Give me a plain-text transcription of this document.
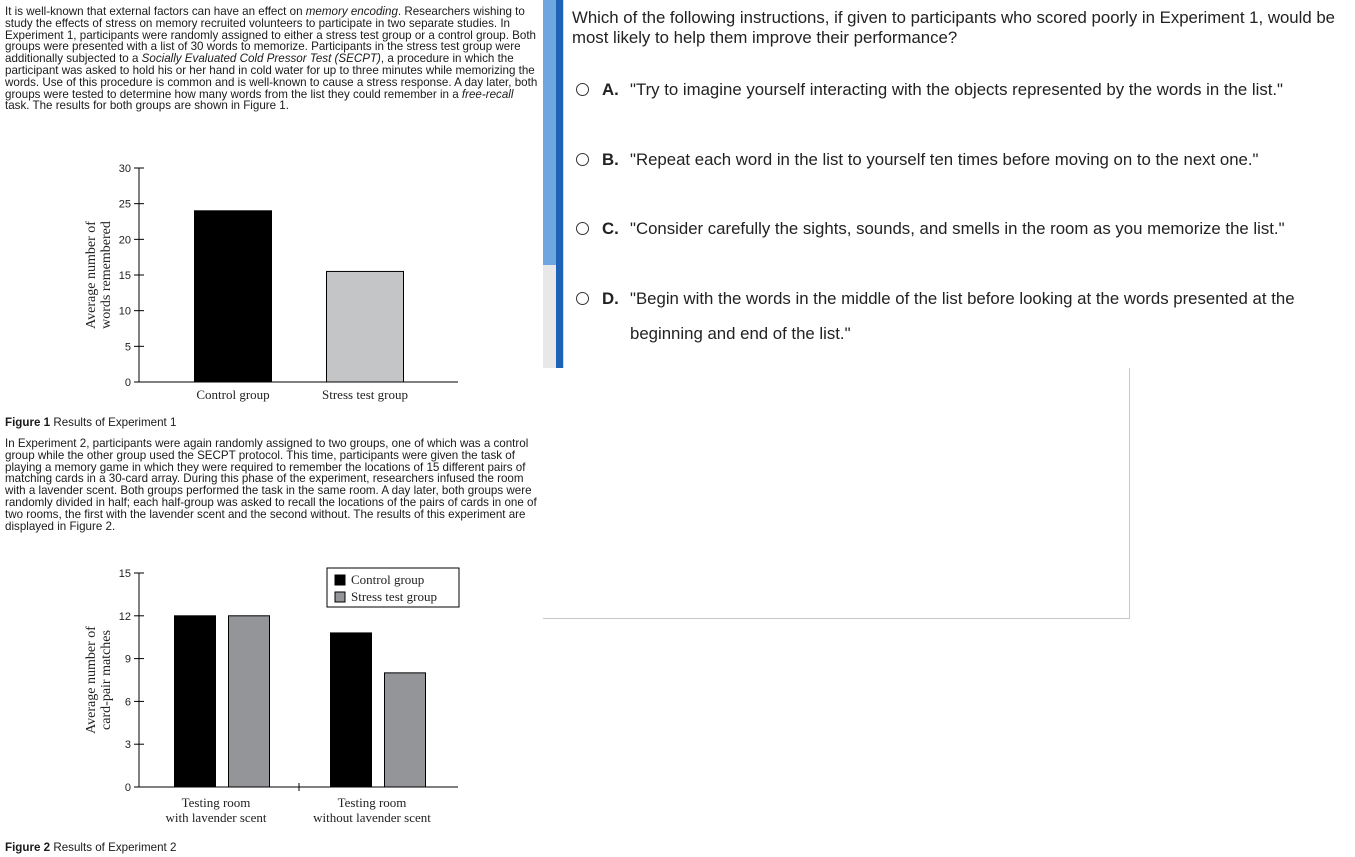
It is well-known that external factors can have an effect on memory encoding. Researchers wishing to study the effects of stress on memory recruited volunteers to participate in two separate studies. In Experiment 1, participants were randomly assigned to either a stress test group or a control group. Both groups were presented with a list of 30 words to memorize. Participants in the stress test group were additionally subjected to a Socially Evaluated Cold Pressor Test (SECPT), a procedure in which the participant was asked to hold his or her hand in cold water for up to three minutes while memorizing the words. Use of this procedure is common and is well-known to cause a stress response. A day later, both groups were tested to determine how many words from the list they could remember in a free-recall task. The results for both groups are shown in Figure 1.
0
5
10
15
20
25
30
Average number of words remembered
Control group	Stress test group
Figure 1 Results of Experiment 1
In Experiment 2, participants were again randomly assigned to two groups, one of which was a control group while the other group used the SECPT protocol. This time, participants were given the task of playing a memory game in which they were required to remember the locations of 15 different pairs of matching cards in a 30-card array. During this phase of the experiment, researchers infused the room with a lavender scent. Both groups performed the task in the same room. A day later, both groups were randomly divided in half; each half-group was asked to recall the locations of the pairs of cards in one of two rooms, the first with the lavender scent and the second without. The results of this experiment are displayed in Figure 2.
0
3
6
9
12
15
Average number of card-pair matches
Testing room
with lavender scent
Testing room
without lavender scent
Control group
Stress test group
Figure 2 Results of Experiment 2
Which of the following instructions, if given to participants who scored poorly in Experiment 1, would be most likely to help them improve their performance?
A. "Try to imagine yourself interacting with the objects represented by the words in the list."
B. "Repeat each word in the list to yourself ten times before moving on to the next one."
C. "Consider carefully the sights, sounds, and smells in the room as you memorize the list."
D. "Begin with the words in the middle of the list before looking at the words presented at the beginning and end of the list."
